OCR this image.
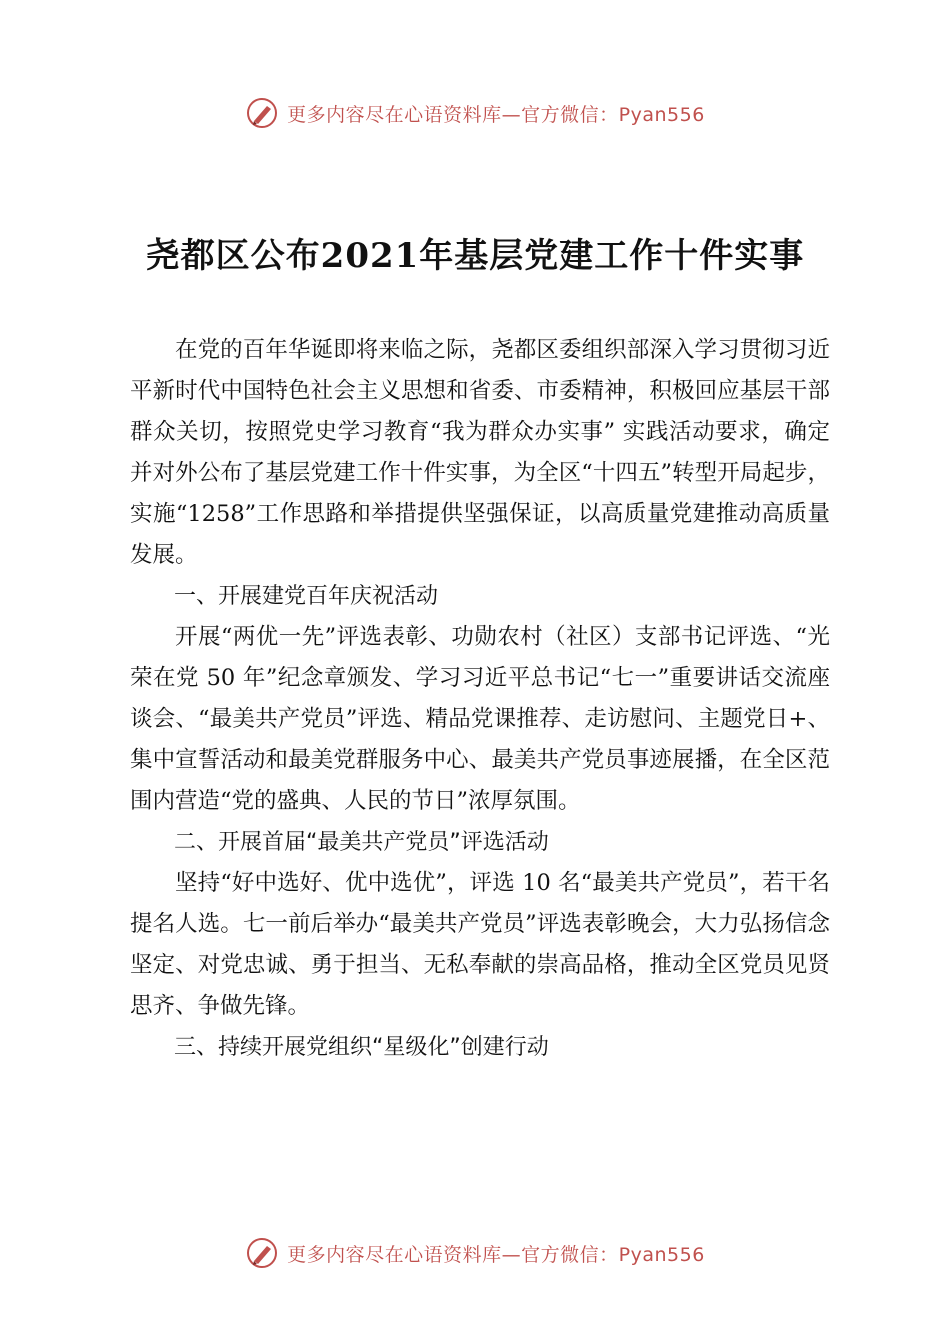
更多内容尽在心语资料库—官方微信：Pyan556
尧都区公布2021年基层党建工作十件实事

在党的百年华诞即将来临之际，尧都区委组织部深入学习贯彻习近平新时代中国特色社会主义思想和省委、市委精神，积极回应基层干部群众关切，按照党史学习教育“我为群众办实事” 实践活动要求，确定并对外公布了基层党建工作十件实事，为全区“十四五”转型开局起步，实施“1258”工作思路和举措提供坚强保证，以高质量党建推动高质量发展。

一、开展建党百年庆祝活动

开展“两优一先”评选表彰、功勋农村（社区）支部书记评选、“光荣在党 50 年”纪念章颁发、学习习近平总书记“七一”重要讲话交流座谈会、“最美共产党员”评选、精品党课推荐、走访慰问、主题党日+、集中宣誓活动和最美党群服务中心、最美共产党员事迹展播，在全区范围内营造“党的盛典、人民的节日”浓厚氛围。

二、开展首届“最美共产党员”评选活动

坚持“好中选好、优中选优”，评选 10 名“最美共产党员”，若干名提名人选。七一前后举办“最美共产党员”评选表彰晚会，大力弘扬信念坚定、对党忠诚、勇于担当、无私奉献的崇高品格，推动全区党员见贤思齐、争做先锋。

三、持续开展党组织“星级化”创建行动
更多内容尽在心语资料库—官方微信：Pyan556
